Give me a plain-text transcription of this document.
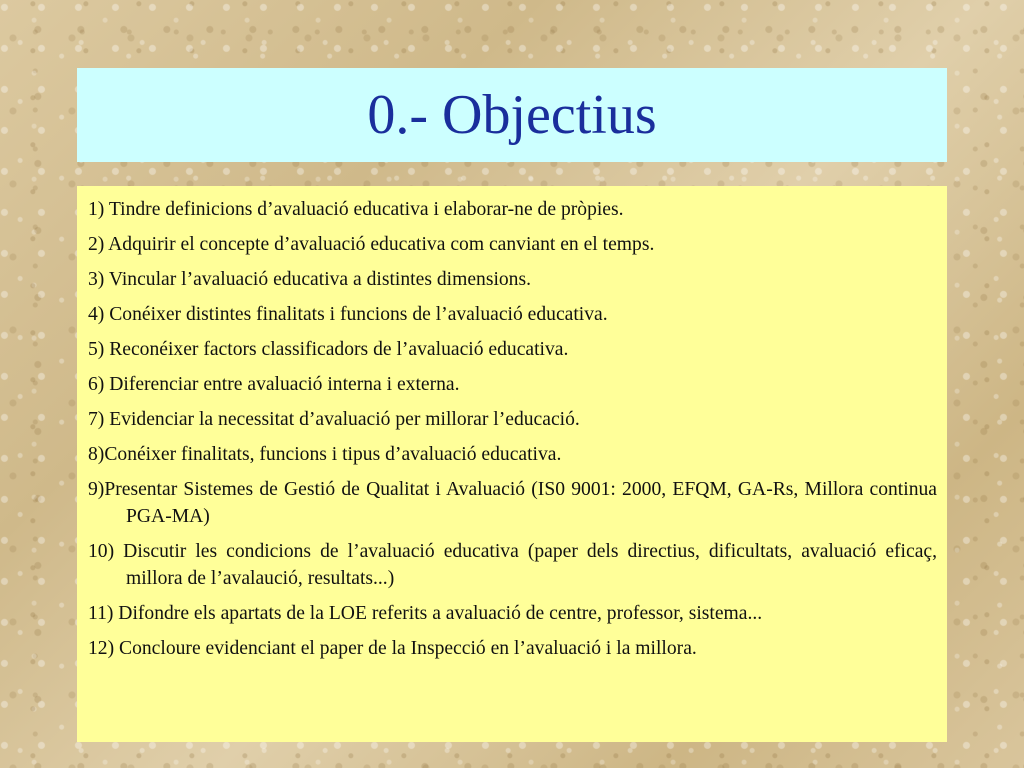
0.- Objectius
1) Tindre definicions d’avaluació educativa i elaborar-ne de pròpies.
2) Adquirir el concepte d’avaluació educativa com canviant en el temps.
3) Vincular l’avaluació educativa a distintes dimensions.
4) Conéixer distintes finalitats i funcions de l’avaluació educativa.
5) Reconéixer factors classificadors de l’avaluació educativa.
6) Diferenciar entre avaluació interna i externa.
7) Evidenciar la necessitat d’avaluació per millorar l’educació.
8)Conéixer finalitats, funcions i tipus d’avaluació educativa.
9)Presentar Sistemes de Gestió de Qualitat i Avaluació (IS0 9001: 2000, EFQM, GA-Rs, Millora continua PGA-MA)
10) Discutir les condicions de l’avaluació educativa (paper dels directius, dificultats, avaluació eficaç, millora de l’avalaució, resultats...)
11) Difondre els apartats de la LOE referits a avaluació de centre, professor, sistema...
12) Concloure evidenciant el paper de la Inspecció en l’avaluació i la millora.
